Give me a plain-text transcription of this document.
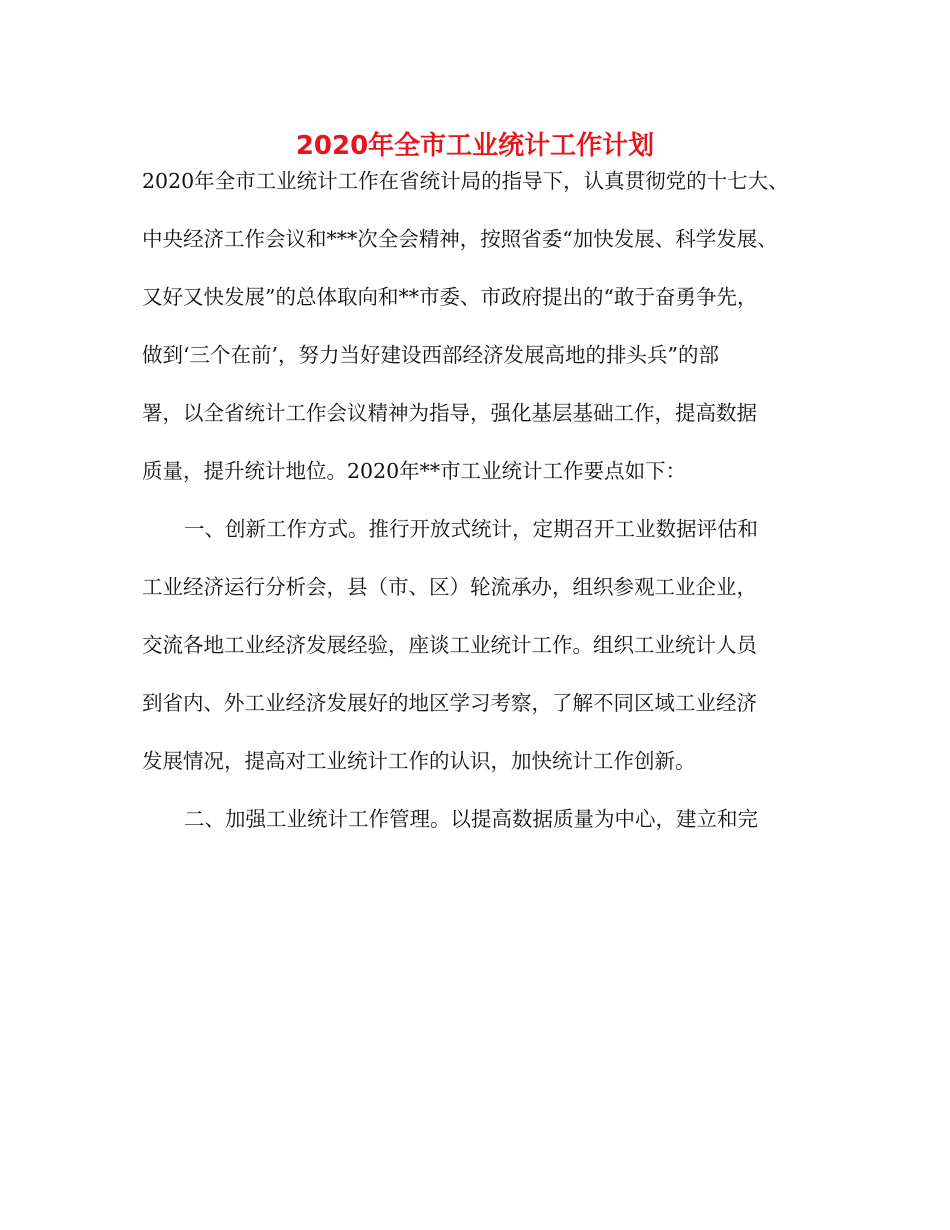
2020年全市工业统计工作计划
2020年全市工业统计工作在省统计局的指导下，认真贯彻党的十七大、
中央经济工作会议和***次全会精神，按照省委“加快发展、科学发展、
又好又快发展”的总体取向和**市委、市政府提出的“敢于奋勇争先，
做到‘三个在前’，努力当好建设西部经济发展高地的排头兵”的部
署，以全省统计工作会议精神为指导，强化基层基础工作，提高数据
质量，提升统计地位。2020年**市工业统计工作要点如下：
一、创新工作方式。推行开放式统计，定期召开工业数据评估和
工业经济运行分析会，县（市、区）轮流承办，组织参观工业企业，
交流各地工业经济发展经验，座谈工业统计工作。组织工业统计人员
到省内、外工业经济发展好的地区学习考察，了解不同区域工业经济
发展情况，提高对工业统计工作的认识，加快统计工作创新。
二、加强工业统计工作管理。以提高数据质量为中心，建立和完
